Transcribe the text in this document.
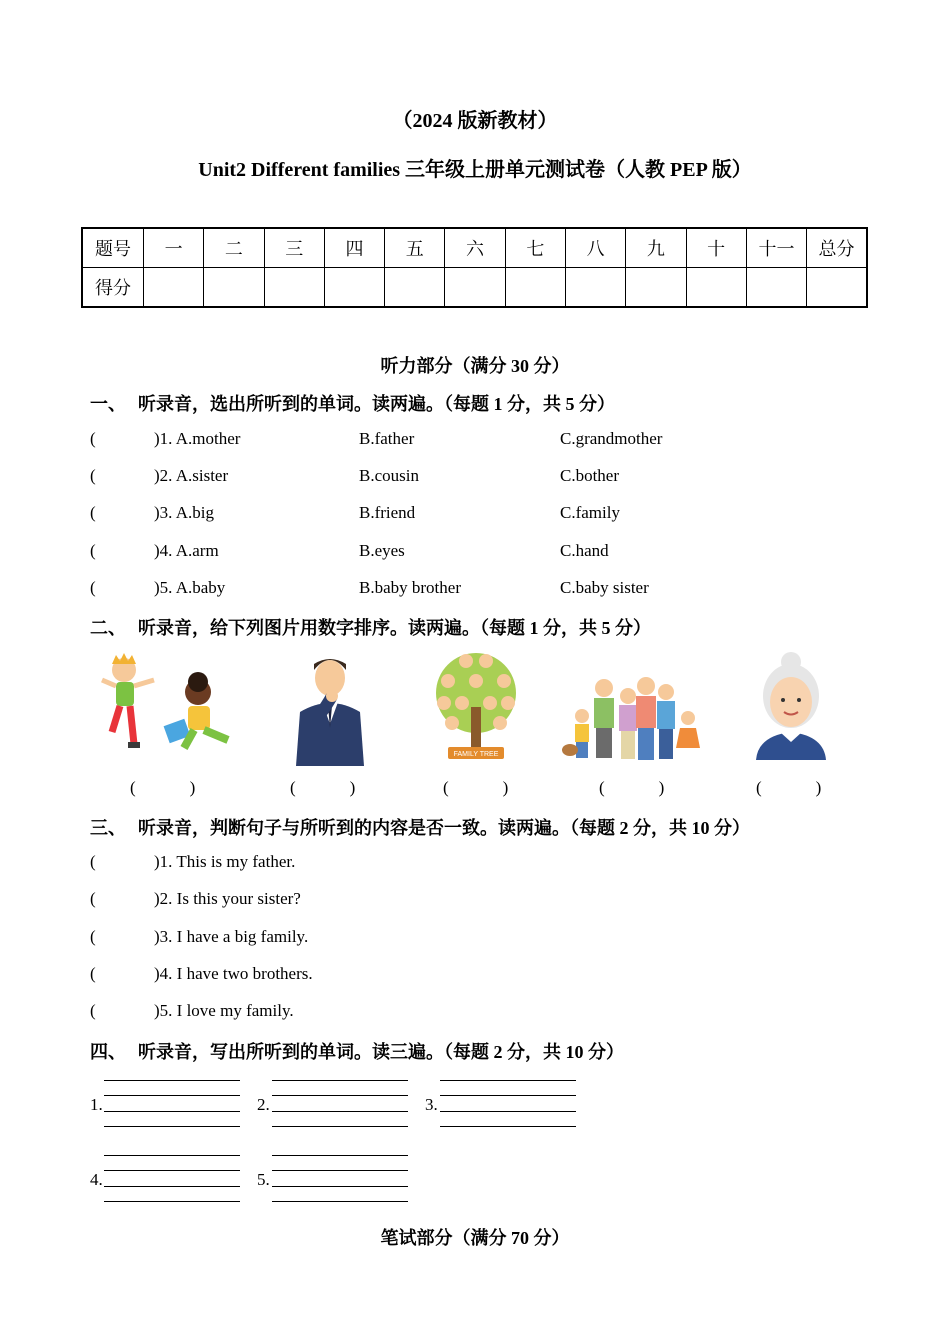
（2024 版新教材）
Unit2 Different families 三年级上册单元测试卷（人教 PEP 版）
题号	一	二	三	四	五	六	七	八	九	十	十一	总分
得分												
听力部分（满分 30 分）
一、 听录音，选出所听到的单词。读两遍。（每题 1 分，共 5 分）
(	)1. A.mother	B.father	C.grandmother
(	)2. A.sister	B.cousin	C.bother
(	)3. A.big	B.friend	C.family
(	)4. A.arm	B.eyes	C.hand
(	)5. A.baby	B.baby brother	C.baby sister
二、 听录音，给下列图片用数字排序。读两遍。（每题 1 分，共 5 分）
FAMILY TREE
(	)	(	)	(	)	(	)	(	)
三、 听录音，判断句子与所听到的内容是否一致。读两遍。（每题 2 分，共 10 分）
(	)1. This is my father.
(	)2. Is this your sister?
(	)3. I have a big family.
(	)4. I have two brothers.
(	)5. I love my family.
四、 听录音，写出所听到的单词。读三遍。（每题 2 分，共 10 分）
1.	2.	3.
4.	5.
笔试部分（满分 70 分）
